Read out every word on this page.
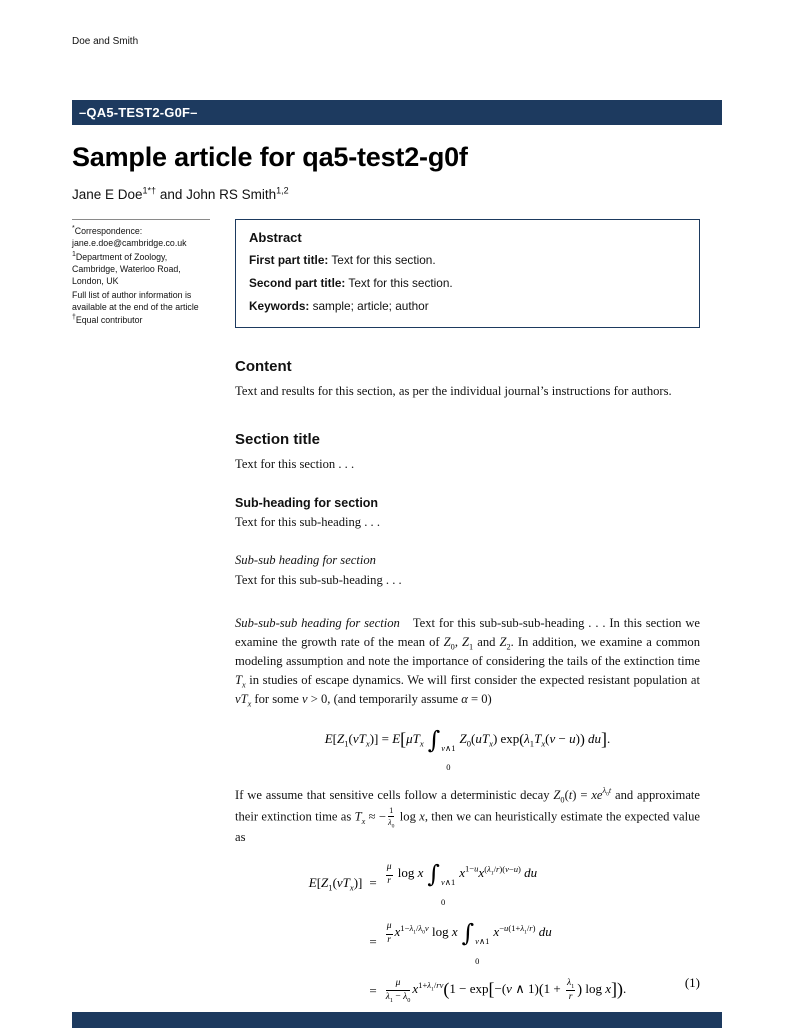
Doe and Smith
–QA5-TEST2-G0F–
Sample article for qa5-test2-g0f
Jane E Doe$^{1*\dagger}$ and John RS Smith$^{1,2}$

*Correspondence: jane.e.doe@cambridge.co.uk

$^1$Department of Zoology, Cambridge, Waterloo Road, London, UK

Full list of author information is available at the end of the article

†Equal contributor

Abstract

First part title: Text for this section.

Second part title: Text for this section.

Keywords: sample; article; author

Content

Text and results for this section, as per the individual journal’s instructions for authors.

Section title

Text for this section . . .

Sub-heading for section

Text for this sub-heading . . .

Sub-sub heading for section

Text for this sub-sub-heading . . .

Sub-sub-sub heading for section Text for this sub-sub-sub-heading . . . In this section we examine the growth rate of the mean of $Z_0$, $Z_1$ and $Z_2$. In addition, we examine a common modeling assumption and note the importance of considering the tails of the extinction time $T_x$ in studies of escape dynamics. We will first consider the expected resistant population at $vT_x$ for some v > 0, (and temporarily assume α = 0)

$E[Z_1(vT_x)] = E[\mu T_x$ ∫ v∧1
0
$Z_0(uT_x) \exp(\lambda_1T_x(v - u))$ du].

If we assume that sensitive cells follow a deterministic decay $Z_0(t) = xe^{\lambda_0t}$ and approximate their extinction time as $T_x$ ≈ − $\frac{1}{\lambda_0}$ log x, then we can heuristically estimate the expected value as

$E[Z_1(vT_x)] = \frac{\mu}{r}$ log x ∫ v∧1
0
$x^{1-u}x^{(\lambda_1/r)(v-u)}$ du
= $\frac{\mu}{r} x^{1-\lambda_1/\lambda_0v}$ log x ∫ v∧1
0
$x^{-u(1+\lambda_1/r)}$ du
= $\frac{\mu}{\lambda_1 - \lambda_0} x^{1+\lambda_1/rv}(1 - \exp[-(v$ ∧ $1)(1 + \frac{\lambda_1}{r}$ ) log x]).	(1)
